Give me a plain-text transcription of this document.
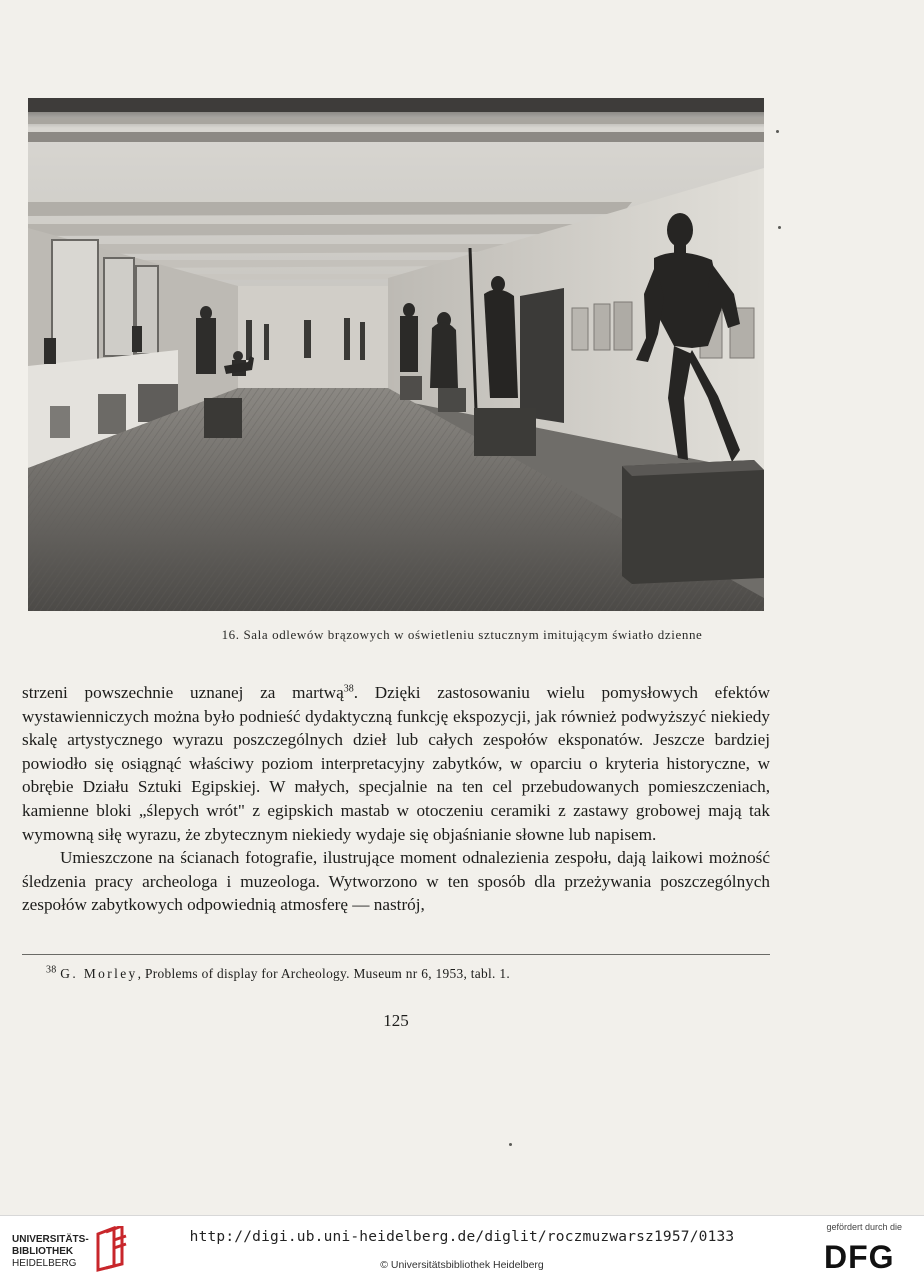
16. Sala odlewów brązowych w oświetleniu sztucznym imitującym światło dzienne

strzeni powszechnie uznanej za martwą$^{38}$. Dzięki zastosowaniu wielu pomysłowych efektów wystawienniczych można było podnieść dydaktyczną funkcję ekspozycji, jak również podwyższyć niekiedy skalę artystycznego wyrazu poszczególnych dzieł lub całych zespołów eksponatów. Jeszcze bardziej powiodło się osiągnąć właściwy poziom interpretacyjny zabytków, w oparciu o kryteria historyczne, w obrębie Działu Sztuki Egipskiej. W małych, specjalnie na ten cel przebudowanych pomieszczeniach, kamienne bloki „ślepych wrót" z egipskich mastab w otoczeniu ceramiki z zastawy grobowej mają tak wymowną siłę wyrazu, że zbytecznym niekiedy wydaje się objaśnianie słowne lub napisem.

Umieszczone na ścianach fotografie, ilustrujące moment odnalezienia zespołu, dają laikowi możność śledzenia pracy archeologa i muzeologa. Wytworzono w ten sposób dla przeżywania poszczególnych zespołów zabytkowych odpowiednią atmosferę — nastrój,

$^{38}$ G. Morley, Problems of display for Archeology. Museum nr 6, 1953, tabl. 1.
125
UNIVERSITÄTS-
BIBLIOTHEK
HEIDELBERG
http://digi.ub.uni-heidelberg.de/diglit/roczmuzwarsz1957/0133
© Universitätsbibliothek Heidelberg
gefördert durch die
DFG
